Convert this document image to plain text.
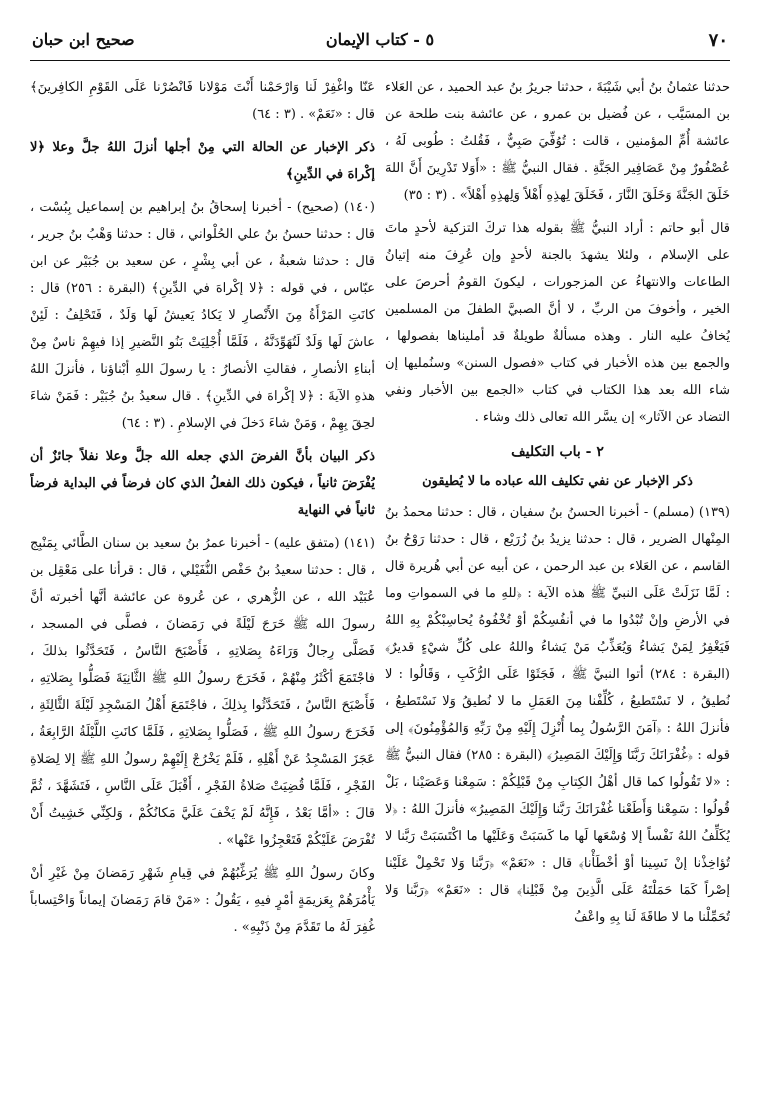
٧٠
٥ - كتاب الإيمان
صحيح ابن حبان

حدثنا عثمانُ بنُ أبي شَيْبَةَ ، حدثنا جريرُ بنُ عبد الحميد ، عن العَلاء بن المسَيَّب ، عن فُضيل بن عمرو ، عن عائشة بنت طلحة عن عائشة أُمِّ المؤمنين ، قالت : تُوُفِّيَ صَبِيٌّ ، فَقُلتُ : طُوبى لَهُ ، عُصْفُورٌ مِنْ عَصَافِير الجَنَّةِ . فقال النبيُّ ﷺ : «أَوَلا تَدْرِينَ أَنَّ اللهَ خَلَقَ الجَنَّةَ وَخَلَقَ النَّارَ ، فَخَلَقَ لِهذِهِ أَهْلاً وَلِهذِهِ أَهْلاً» . (٣ : ٣٥)

قال أبو حاتم : أراد النبيُّ ﷺ بقوله هذا تركَ التزكية لأحدٍ ماتَ على الإسلام ، ولئلا يشهدَ بالجنة لأحدٍ وإن عُرِفَ منه إتيانُ الطاعات والانتهاءُ عن المزجورات ، ليكونَ القومُ أحرصَ على الخير ، وأخوفَ من الربِّ ، لا أنَّ الصبيَّ الطفلَ من المسلمين يُخافُ عليه النار . وهذه مسألةٌ طويلةٌ قد أمليناها بفصولها ، والجمع بين هذه الأخبار في كتاب «فصول السنن» وسنُمليها إن شاء الله بعد هذا الكتاب في كتاب «الجمع بين الأخبار ونفي التضاد عن الآثار» إن يسَّر الله تعالى ذلك وشاء .

٢ - باب التكليف
ذكر الإخبار عن نفي تكليف الله عباده ما لا يُطيقون

(١٣٩) (مسلم) - أخبرنا الحسنُ بنُ سفيان ، قال : حدثنا محمدُ بنُ المِنْهال الضرير ، قال : حدثنا يزيدُ بنُ زُرَيْع ، قال : حدثنا رَوْحُ بنُ القاسم ، عن العَلاء بن عبد الرحمن ، عن أبيه عن أبي هُريرة قال : لَمَّا نَزَلَتْ عَلَى النبيِّ ﷺ هذه الآية : ﴿للهِ ما في السمواتِ وما في الأرضِ وإنْ تُبْدُوا ما في أنفُسِكُمْ أوْ تُخْفُوهُ يُحاسِبْكُمْ بِهِ اللهُ فَيَغْفِرُ لِمَنْ يَشاءُ وَيُعَذِّبُ مَنْ يَشاءُ واللهُ على كُلِّ شيْءٍ قديرٌ﴾ (البقرة : ٢٨٤) أتوا النبيَّ ﷺ ، فَجَثَوْا عَلَى الرُّكَبِ ، وَقَالُوا : لا نُطيقُ ، لا نَسْتَطيعُ ، كُلِّفْنا مِنَ العَمَلِ ما لا نُطيقُ وَلا نَسْتَطيعُ ، فأنزلَ اللهُ : ﴿آمَنَ الرَّسُولُ بِما أُنْزِلَ إِلَيْهِ مِنْ رَبِّهِ وَالمُؤْمِنُونَ﴾ إلى قوله : ﴿غُفْرَانَكَ رَبَّنَا وَإِلَيْكَ المَصِيرُ﴾ (البقرة : ٢٨٥) فقال النبيُّ ﷺ : «لا تَقُولُوا كما قال أهْلُ الكِتابِ مِنْ قَبْلِكُمْ : سَمِعْنا وَعَصَيْنا ، بَلْ قُولُوا : سَمِعْنا وَأَطَعْنا غُفْرَانَكَ رَبَّنا وَإِلَيْكَ المَصِيرُ» فأنزلَ اللهُ : ﴿لا يُكَلِّفُ اللهُ نَفْساً إلا وُسْعَها لَها ما كَسَبَتْ وَعَلَيْها ما اكْتَسَبَتْ رَبَّنا لا تُؤاخِذْنا إنْ نَسِينا أوْ أخْطَأْنا﴾ قال : «نَعَمْ» ﴿رَبَّنا وَلا تَحْمِلْ عَلَيْنا إصْراً كَمَا حَمَلْتَهُ عَلَى الَّذِينَ مِنْ قَبْلِنا﴾ قال : «نَعَمْ» ﴿رَبَّنا وَلا تُحَمِّلْنا ما لا طاقَةَ لَنا بِهِ واعْفُ

عَنّا واغْفِرْ لَنا وَارْحَمْنا أَنْتَ مَوْلانا فَانْصُرْنا عَلَى القَوْمِ الكافِرينَ﴾ قال : «نَعَمْ» . (٣ : ٦٤)

ذكر الإخبار عن الحالة التي مِنْ أجلها أنزلَ اللهُ جلَّ وعلا ﴿لا إكْراهَ في الدِّينِ﴾

(١٤٠) (صحيح) - أخبرنا إسحاقُ بنُ إبراهيم بن إسماعيل بِبُسْت ، قال : حدثنا حسنُ بنُ علي الحُلْواني ، قال : حدثنا وَهْبُ بنُ جرير ، قال : حدثنا شعبةُ ، عن أبي بِشْرٍ ، عن سعيد بن جُبَيْر عن ابن عبّاس ، في قوله : ﴿لا إكْراهَ في الدِّينِ﴾ (البقرة : ٢٥٦) قال : كانَتِ المَرْأَةُ مِنَ الأَنْصارِ لا يَكادُ يَعيشُ لَها وَلَدٌ ، فَتَحْلِفُ : لَئِنْ عاشَ لَها وَلَدٌ لَتُهَوِّدَنَّهُ ، فَلَمَّا أُجْلِيَتْ بَنُو النَّضيرِ إذا فيهِمْ ناسٌ مِنْ أبناءِ الأنصارِ ، فقالتِ الأنصارُ : يا رسولَ اللهِ أبْناؤنا ، فأنزلَ اللهُ هذهِ الآيةَ : ﴿لا إكْراهَ في الدِّينِ﴾ . قال سعيدُ بنُ جُبَيْر : فَمَنْ شاءَ لحِقَ بِهِمْ ، وَمَنْ شاءَ دَخلَ في الإسلامِ . (٣ : ٦٤)

ذكر البيان بأنَّ الفرضَ الذي جعله الله جلَّ وعلا نفلاً جائزٌ أن يُفْرَضَ ثانياً ، فيكون ذلك الفعلُ الذي كان فرضاً في البداية فرضاً ثانياً في النهاية

(١٤١) (متفق عليه) - أخبرنا عمرُ بنُ سعيد بن سنان الطَّائي بِمَنْبِج ، قال : حدثنا سعيدُ بنُ حَفْص النُّفَيْلي ، قال : قرأنا على مَعْقِل بن عُبَيْد الله ، عن الزُّهري ، عن عُروة عن عائشة أنَّها أخبرته أنَّ رسولَ الله ﷺ خَرَجَ لَيْلَةً في رَمَضانَ ، فصلَّى في المسجد ، فَصَلَّى رِجالٌ وَرَاءَهُ بِصَلاتِهِ ، فَأَصْبَحَ النَّاسُ ، فَتَحَدَّثُوا بذلكَ ، فاجْتَمَعَ أكْثَرُ مِنْهُمْ ، فَخَرَجَ رسولُ اللهِ ﷺ الثَّانِيَةَ فَصَلُّوا بِصَلاتِهِ ، فَأَصْبَحَ النَّاسُ ، فَتَحَدَّثُوا بِذلِكَ ، فاجْتَمَعَ أَهْلُ المَسْجِدِ لَيْلَةَ الثَّالِثَةِ ، فَخَرَجَ رسولُ اللهِ ﷺ ، فَصَلُّوا بِصَلاتِهِ ، فَلَمَّا كانَتِ اللَّيْلَةُ الرَّابِعَةُ ، عَجَزَ المَسْجِدُ عَنْ أَهْلِهِ ، فَلَمْ يَخْرُجْ إِلَيْهِمْ رسولُ اللهِ ﷺ إلا لِصَلاةِ الفَجْرِ ، فَلَمَّا قُضِيَتْ صَلاةُ الفَجْرِ ، أَقْبَلَ عَلَى النَّاسِ ، فَتَشَهَّدَ ، ثُمَّ قالَ : «أمَّا بَعْدُ ، فَإِنَّهُ لَمْ يَخْفَ عَلَيَّ مَكانُكُمْ ، وَلكِنِّي خَشِيتُ أَنْ تُفْرَضَ عَلَيْكُمْ فَتَعْجِزُوا عَنْها» .

وكانَ رسولُ اللهِ ﷺ يُرَغِّبُهُمْ في قِيامِ شَهْرِ رَمَضانَ مِنْ غَيْرِ أنْ يَأْمُرَهُمْ بِعَزيمَةٍ أمْرٍ فيهِ ، يَقُولُ : «مَنْ قامَ رَمَضانَ إيماناً وَاحْتِساباً غُفِرَ لَهُ ما تَقَدَّمَ مِنْ ذَنْبِهِ» .
